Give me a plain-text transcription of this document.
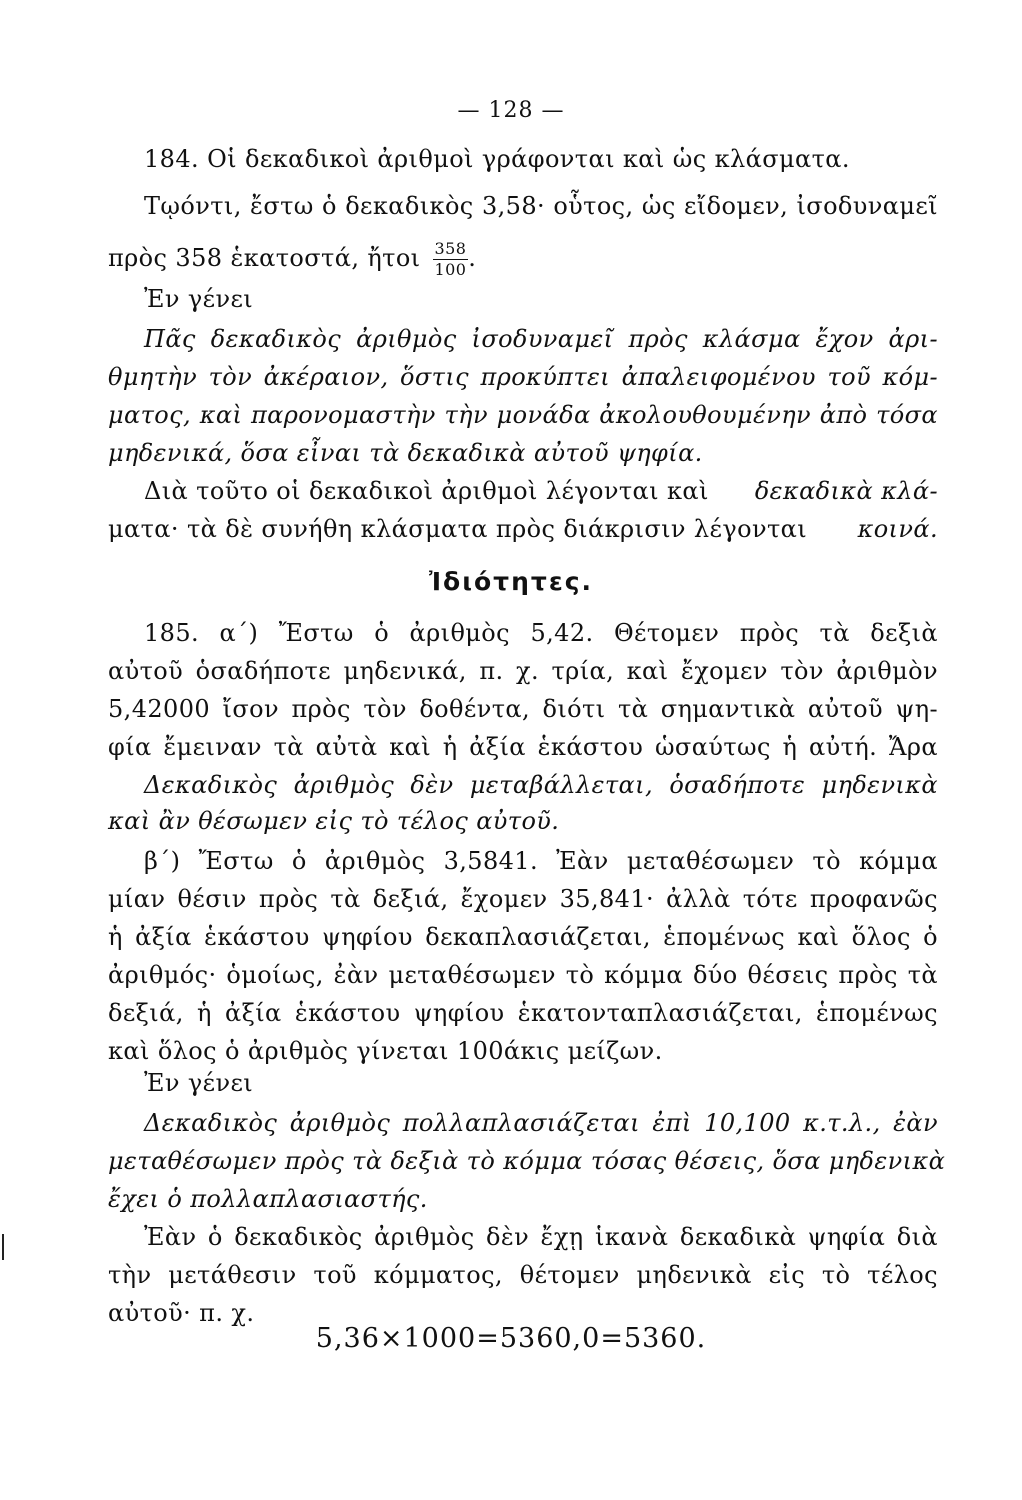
— 128 —
184. Οἱ δεκαδικοὶ ἀριθμοὶ γράφονται καὶ ὡς κλάσματα.
Τῳόντι, ἔστω ὁ δεκαδικὸς 3,58· οὗτος, ὡς εἴδομεν, ἰσοδυναμεῖ
πρὸς 358 ἑκατοστά, ἤτοι $\frac{358}{100}$ .
Ἐν γένει
Πᾶς δεκαδικὸς ἀριθμὸς ἰσοδυναμεῖ πρὸς κλάσμα ἔχον ἀρι-
θμητὴν τὸν ἀκέραιον, ὅστις προκύπτει ἀπαλειφομένου τοῦ κόμ-
ματος, καὶ παρονομαστὴν τὴν μονάδα ἀκολουθουμένην ἀπὸ τόσα
μηδενικά, ὅσα εἶναι τὰ δεκαδικὰ αὐτοῦ ψηφία.
Διὰ τοῦτο οἱ δεκαδικοὶ ἀριθμοὶ λέγονται καὶ δεκαδικὰ κλά-
ματα· τὰ δὲ συνήθη κλάσματα πρὸς διάκρισιν λέγονται κοινά.
Ἰδιότητες.
185. α΄) Ἔστω ὁ ἀριθμὸς 5,42. Θέτομεν πρὸς τὰ δεξιὰ
αὐτοῦ ὁσαδήποτε μηδενικά, π. χ. τρία, καὶ ἔχομεν τὸν ἀριθμὸν
5,42000 ἴσον πρὸς τὸν δοθέντα, διότι τὰ σημαντικὰ αὐτοῦ ψη-
φία ἔμειναν τὰ αὐτὰ καὶ ἡ ἀξία ἑκάστου ὡσαύτως ἡ αὐτή. Ἄρα
Δεκαδικὸς ἀριθμὸς δὲν μεταβάλλεται, ὁσαδήποτε μηδενικὰ
καὶ ἂν θέσωμεν εἰς τὸ τέλος αὐτοῦ.
β΄) Ἔστω ὁ ἀριθμὸς 3,5841. Ἐὰν μεταθέσωμεν τὸ κόμμα
μίαν θέσιν πρὸς τὰ δεξιά, ἔχομεν 35,841· ἀλλὰ τότε προφανῶς
ἡ ἀξία ἑκάστου ψηφίου δεκαπλασιάζεται, ἑπομένως καὶ ὅλος ὁ
ἀριθμός· ὁμοίως, ἐὰν μεταθέσωμεν τὸ κόμμα δύο θέσεις πρὸς τὰ
δεξιά, ἡ ἀξία ἑκάστου ψηφίου ἑκατονταπλασιάζεται, ἑπομένως
καὶ ὅλος ὁ ἀριθμὸς γίνεται 100άκις μείζων.
Ἐν γένει
Δεκαδικὸς ἀριθμὸς πολλαπλασιάζεται ἐπὶ 10,100 κ.τ.λ., ἐὰν
μεταθέσωμεν πρὸς τὰ δεξιὰ τὸ κόμμα τόσας θέσεις, ὅσα μηδενικὰ
ἔχει ὁ πολλαπλασιαστής.
Ἐὰν ὁ δεκαδικὸς ἀριθμὸς δὲν ἔχῃ ἱκανὰ δεκαδικὰ ψηφία διὰ
τὴν μετάθεσιν τοῦ κόμματος, θέτομεν μηδενικὰ εἰς τὸ τέλος
αὐτοῦ· π. χ.
5,36×1000=5360,0=5360.
